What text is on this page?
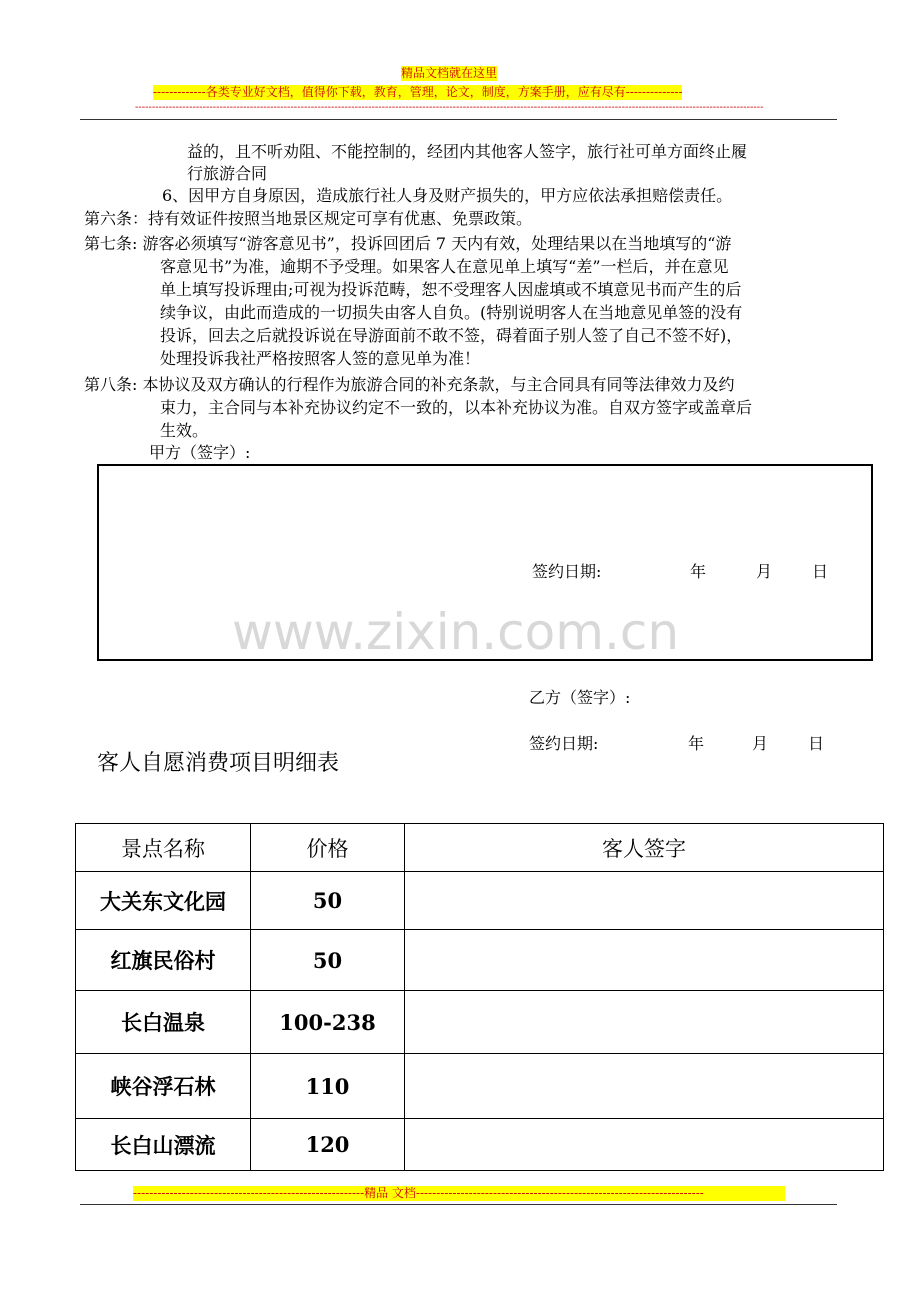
精品文档就在这里
-------------各类专业好文档，值得你下载，教育，管理，论文，制度，方案手册，应有尽有--------------
------------------------------------------------------------------------------------------------------------------------------------------------------------------------------------------
益的，且不听劝阻、不能控制的，经团内其他客人签字，旅行社可单方面终止履
行旅游合同
6、因甲方自身原因，造成旅行社人身及财产损失的，甲方应依法承担赔偿责任。
第六条：持有效证件按照当地景区规定可享有优惠、免票政策。
第七条: 游客必须填写“游客意见书”，投诉回团后 7 天内有效，处理结果以在当地填写的“游
客意见书”为准，逾期不予受理。如果客人在意见单上填写“差”一栏后，并在意见
单上填写投诉理由;可视为投诉范畴，恕不受理客人因虚填或不填意见书而产生的后
续争议，由此而造成的一切损失由客人自负。(特别说明客人在当地意见单签的没有
投诉，回去之后就投诉说在导游面前不敢不签，碍着面子别人签了自己不签不好)，
处理投诉我社严格按照客人签的意见单为准！
第八条: 本协议及双方确认的行程作为旅游合同的补充条款，与主合同具有同等法律效力及约
束力，主合同与本补充协议约定不一致的，以本补充协议为准。自双方签字或盖章后
生效。
甲方（签字）:
签约日期:	年	月 日
www.zixin.com.cn
乙方（签字）:
签约日期:	年	月 日
客人自愿消费项目明细表
景点名称	价格	客人签字
大关东文化园	50	
红旗民俗村	50	
长白温泉	100-238	
峡谷浮石林	110	
长白山漂流	120	
---------------------------------------------------------精品 文档-----------------------------------------------------------------------
